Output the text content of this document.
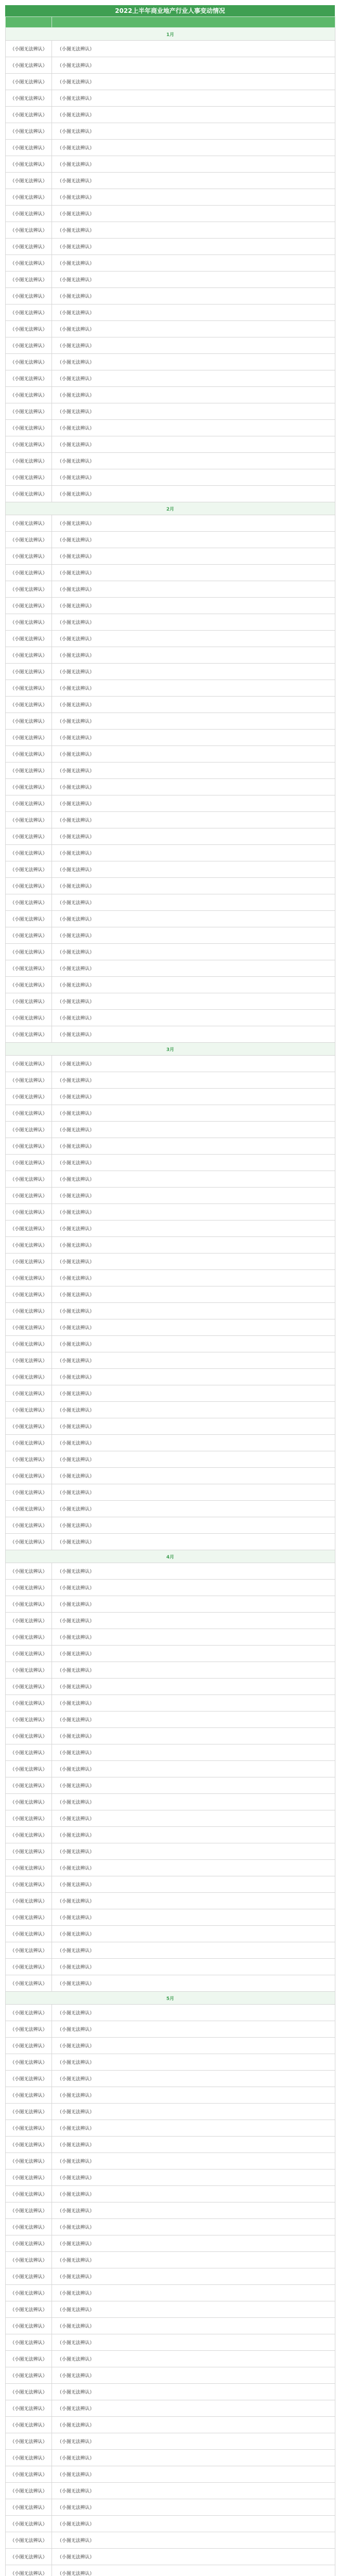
2022上半年商业地产行业人事变动情况

1月	
（小图无法辨认）	（小图无法辨认）
（小图无法辨认）	（小图无法辨认）
（小图无法辨认）	（小图无法辨认）
（小图无法辨认）	（小图无法辨认）
（小图无法辨认）	（小图无法辨认）
（小图无法辨认）	（小图无法辨认）
（小图无法辨认）	（小图无法辨认）
（小图无法辨认）	（小图无法辨认）
（小图无法辨认）	（小图无法辨认）
（小图无法辨认）	（小图无法辨认）
（小图无法辨认）	（小图无法辨认）
（小图无法辨认）	（小图无法辨认）
（小图无法辨认）	（小图无法辨认）
（小图无法辨认）	（小图无法辨认）
（小图无法辨认）	（小图无法辨认）
（小图无法辨认）	（小图无法辨认）
（小图无法辨认）	（小图无法辨认）
（小图无法辨认）	（小图无法辨认）
（小图无法辨认）	（小图无法辨认）
（小图无法辨认）	（小图无法辨认）
（小图无法辨认）	（小图无法辨认）
（小图无法辨认）	（小图无法辨认）
（小图无法辨认）	（小图无法辨认）
（小图无法辨认）	（小图无法辨认）
（小图无法辨认）	（小图无法辨认）
（小图无法辨认）	（小图无法辨认）
（小图无法辨认）	（小图无法辨认）
（小图无法辨认）	（小图无法辨认）
2月	
（小图无法辨认）	（小图无法辨认）
（小图无法辨认）	（小图无法辨认）
（小图无法辨认）	（小图无法辨认）
（小图无法辨认）	（小图无法辨认）
（小图无法辨认）	（小图无法辨认）
（小图无法辨认）	（小图无法辨认）
（小图无法辨认）	（小图无法辨认）
（小图无法辨认）	（小图无法辨认）
（小图无法辨认）	（小图无法辨认）
（小图无法辨认）	（小图无法辨认）
（小图无法辨认）	（小图无法辨认）
（小图无法辨认）	（小图无法辨认）
（小图无法辨认）	（小图无法辨认）
（小图无法辨认）	（小图无法辨认）
（小图无法辨认）	（小图无法辨认）
（小图无法辨认）	（小图无法辨认）
（小图无法辨认）	（小图无法辨认）
（小图无法辨认）	（小图无法辨认）
（小图无法辨认）	（小图无法辨认）
（小图无法辨认）	（小图无法辨认）
（小图无法辨认）	（小图无法辨认）
（小图无法辨认）	（小图无法辨认）
（小图无法辨认）	（小图无法辨认）
（小图无法辨认）	（小图无法辨认）
（小图无法辨认）	（小图无法辨认）
（小图无法辨认）	（小图无法辨认）
（小图无法辨认）	（小图无法辨认）
（小图无法辨认）	（小图无法辨认）
（小图无法辨认）	（小图无法辨认）
（小图无法辨认）	（小图无法辨认）
（小图无法辨认）	（小图无法辨认）
（小图无法辨认）	（小图无法辨认）
3月	
（小图无法辨认）	（小图无法辨认）
（小图无法辨认）	（小图无法辨认）
（小图无法辨认）	（小图无法辨认）
（小图无法辨认）	（小图无法辨认）
（小图无法辨认）	（小图无法辨认）
（小图无法辨认）	（小图无法辨认）
（小图无法辨认）	（小图无法辨认）
（小图无法辨认）	（小图无法辨认）
（小图无法辨认）	（小图无法辨认）
（小图无法辨认）	（小图无法辨认）
（小图无法辨认）	（小图无法辨认）
（小图无法辨认）	（小图无法辨认）
（小图无法辨认）	（小图无法辨认）
（小图无法辨认）	（小图无法辨认）
（小图无法辨认）	（小图无法辨认）
（小图无法辨认）	（小图无法辨认）
（小图无法辨认）	（小图无法辨认）
（小图无法辨认）	（小图无法辨认）
（小图无法辨认）	（小图无法辨认）
（小图无法辨认）	（小图无法辨认）
（小图无法辨认）	（小图无法辨认）
（小图无法辨认）	（小图无法辨认）
（小图无法辨认）	（小图无法辨认）
（小图无法辨认）	（小图无法辨认）
（小图无法辨认）	（小图无法辨认）
（小图无法辨认）	（小图无法辨认）
（小图无法辨认）	（小图无法辨认）
（小图无法辨认）	（小图无法辨认）
（小图无法辨认）	（小图无法辨认）
（小图无法辨认）	（小图无法辨认）
4月	
（小图无法辨认）	（小图无法辨认）
（小图无法辨认）	（小图无法辨认）
（小图无法辨认）	（小图无法辨认）
（小图无法辨认）	（小图无法辨认）
（小图无法辨认）	（小图无法辨认）
（小图无法辨认）	（小图无法辨认）
（小图无法辨认）	（小图无法辨认）
（小图无法辨认）	（小图无法辨认）
（小图无法辨认）	（小图无法辨认）
（小图无法辨认）	（小图无法辨认）
（小图无法辨认）	（小图无法辨认）
（小图无法辨认）	（小图无法辨认）
（小图无法辨认）	（小图无法辨认）
（小图无法辨认）	（小图无法辨认）
（小图无法辨认）	（小图无法辨认）
（小图无法辨认）	（小图无法辨认）
（小图无法辨认）	（小图无法辨认）
（小图无法辨认）	（小图无法辨认）
（小图无法辨认）	（小图无法辨认）
（小图无法辨认）	（小图无法辨认）
（小图无法辨认）	（小图无法辨认）
（小图无法辨认）	（小图无法辨认）
（小图无法辨认）	（小图无法辨认）
（小图无法辨认）	（小图无法辨认）
（小图无法辨认）	（小图无法辨认）
（小图无法辨认）	（小图无法辨认）
5月	
（小图无法辨认）	（小图无法辨认）
（小图无法辨认）	（小图无法辨认）
（小图无法辨认）	（小图无法辨认）
（小图无法辨认）	（小图无法辨认）
（小图无法辨认）	（小图无法辨认）
（小图无法辨认）	（小图无法辨认）
（小图无法辨认）	（小图无法辨认）
（小图无法辨认）	（小图无法辨认）
（小图无法辨认）	（小图无法辨认）
（小图无法辨认）	（小图无法辨认）
（小图无法辨认）	（小图无法辨认）
（小图无法辨认）	（小图无法辨认）
（小图无法辨认）	（小图无法辨认）
（小图无法辨认）	（小图无法辨认）
（小图无法辨认）	（小图无法辨认）
（小图无法辨认）	（小图无法辨认）
（小图无法辨认）	（小图无法辨认）
（小图无法辨认）	（小图无法辨认）
（小图无法辨认）	（小图无法辨认）
（小图无法辨认）	（小图无法辨认）
（小图无法辨认）	（小图无法辨认）
（小图无法辨认）	（小图无法辨认）
（小图无法辨认）	（小图无法辨认）
（小图无法辨认）	（小图无法辨认）
（小图无法辨认）	（小图无法辨认）
（小图无法辨认）	（小图无法辨认）
（小图无法辨认）	（小图无法辨认）
（小图无法辨认）	（小图无法辨认）
（小图无法辨认）	（小图无法辨认）
（小图无法辨认）	（小图无法辨认）
（小图无法辨认）	（小图无法辨认）
（小图无法辨认）	（小图无法辨认）
（小图无法辨认）	（小图无法辨认）
（小图无法辨认）	（小图无法辨认）
（小图无法辨认）	（小图无法辨认）
